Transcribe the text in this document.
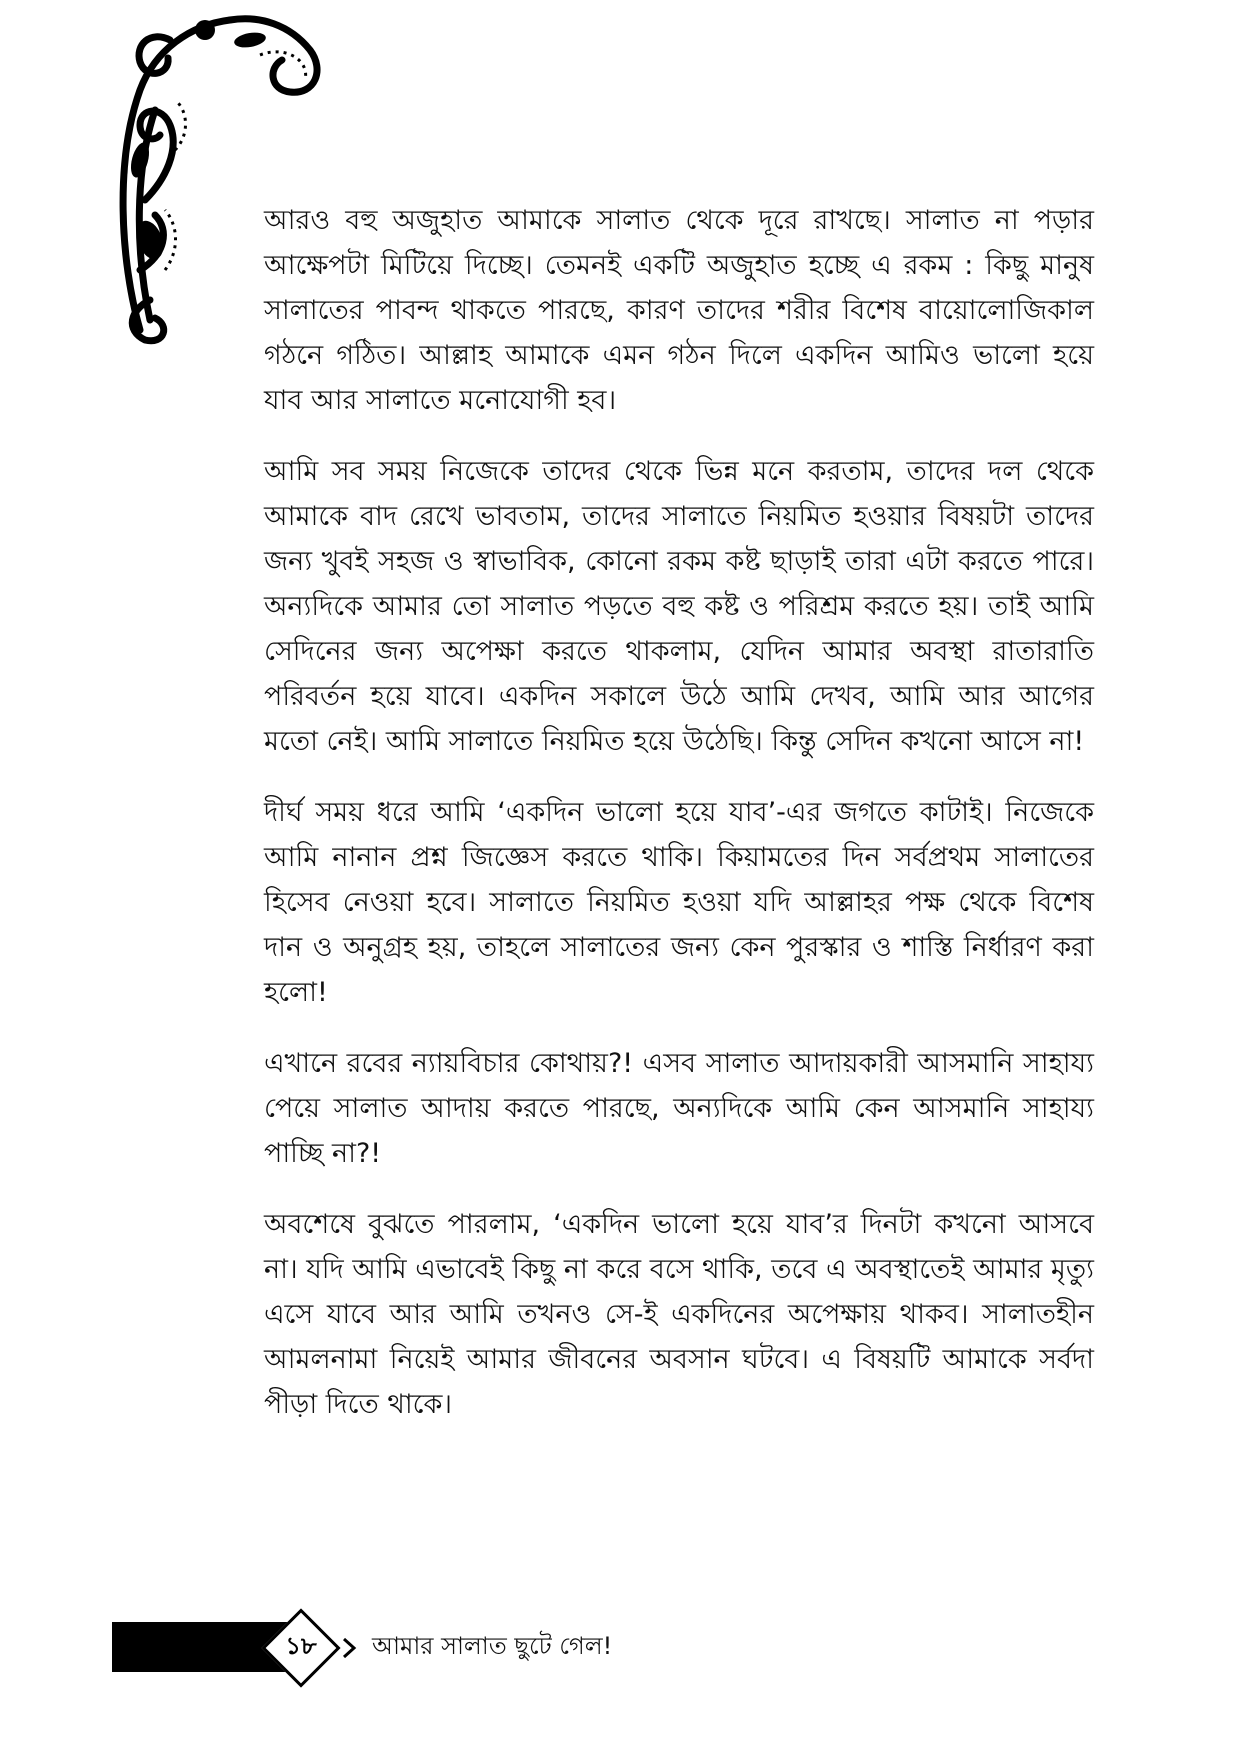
আরও বহু অজুহাত আমাকে সালাত থেকে দূরে রাখছে। সালাত না পড়ার আক্ষেপটা মিটিয়ে দিচ্ছে। তেমনই একটি অজুহাত হচ্ছে এ রকম : কিছু মানুষ সালাতের পাবন্দ থাকতে পারছে, কারণ তাদের শরীর বিশেষ বায়োলোজিকাল গঠনে গঠিত। আল্লাহ আমাকে এমন গঠন দিলে একদিন আমিও ভালো হয়ে যাব আর সালাতে মনোযোগী হব।

আমি সব সময় নিজেকে তাদের থেকে ভিন্ন মনে করতাম, তাদের দল থেকে আমাকে বাদ রেখে ভাবতাম, তাদের সালাতে নিয়মিত হওয়ার বিষয়টা তাদের জন্য খুবই সহজ ও স্বাভাবিক, কোনো রকম কষ্ট ছাড়াই তারা এটা করতে পারে। অন্যদিকে আমার তো সালাত পড়তে বহু কষ্ট ও পরিশ্রম করতে হয়। তাই আমি সেদিনের জন্য অপেক্ষা করতে থাকলাম, যেদিন আমার অবস্থা রাতারাতি পরিবর্তন হয়ে যাবে। একদিন সকালে উঠে আমি দেখব, আমি আর আগের মতো নেই। আমি সালাতে নিয়মিত হয়ে উঠেছি। কিন্তু সেদিন কখনো আসে না!

দীর্ঘ সময় ধরে আমি ‘একদিন ভালো হয়ে যাব’-এর জগতে কাটাই। নিজেকে আমি নানান প্রশ্ন জিজ্ঞেস করতে থাকি। কিয়ামতের দিন সর্বপ্রথম সালাতের হিসেব নেওয়া হবে। সালাতে নিয়মিত হওয়া যদি আল্লাহর পক্ষ থেকে বিশেষ দান ও অনুগ্রহ হয়, তাহলে সালাতের জন্য কেন পুরস্কার ও শাস্তি নির্ধারণ করা হলো!

এখানে রবের ন্যায়বিচার কোথায়?! এসব সালাত আদায়কারী আসমানি সাহায্য পেয়ে সালাত আদায় করতে পারছে, অন্যদিকে আমি কেন আসমানি সাহায্য পাচ্ছি না?!

অবশেষে বুঝতে পারলাম, ‘একদিন ভালো হয়ে যাব’র দিনটা কখনো আসবে না। যদি আমি এভাবেই কিছু না করে বসে থাকি, তবে এ অবস্থাতেই আমার মৃত্যু এসে যাবে আর আমি তখনও সে-ই একদিনের অপেক্ষায় থাকব। সালাতহীন আমলনামা নিয়েই আমার জীবনের অবসান ঘটবে। এ বিষয়টি আমাকে সর্বদা পীড়া দিতে থাকে।

১৮	আমার সালাত ছুটে গেল!
